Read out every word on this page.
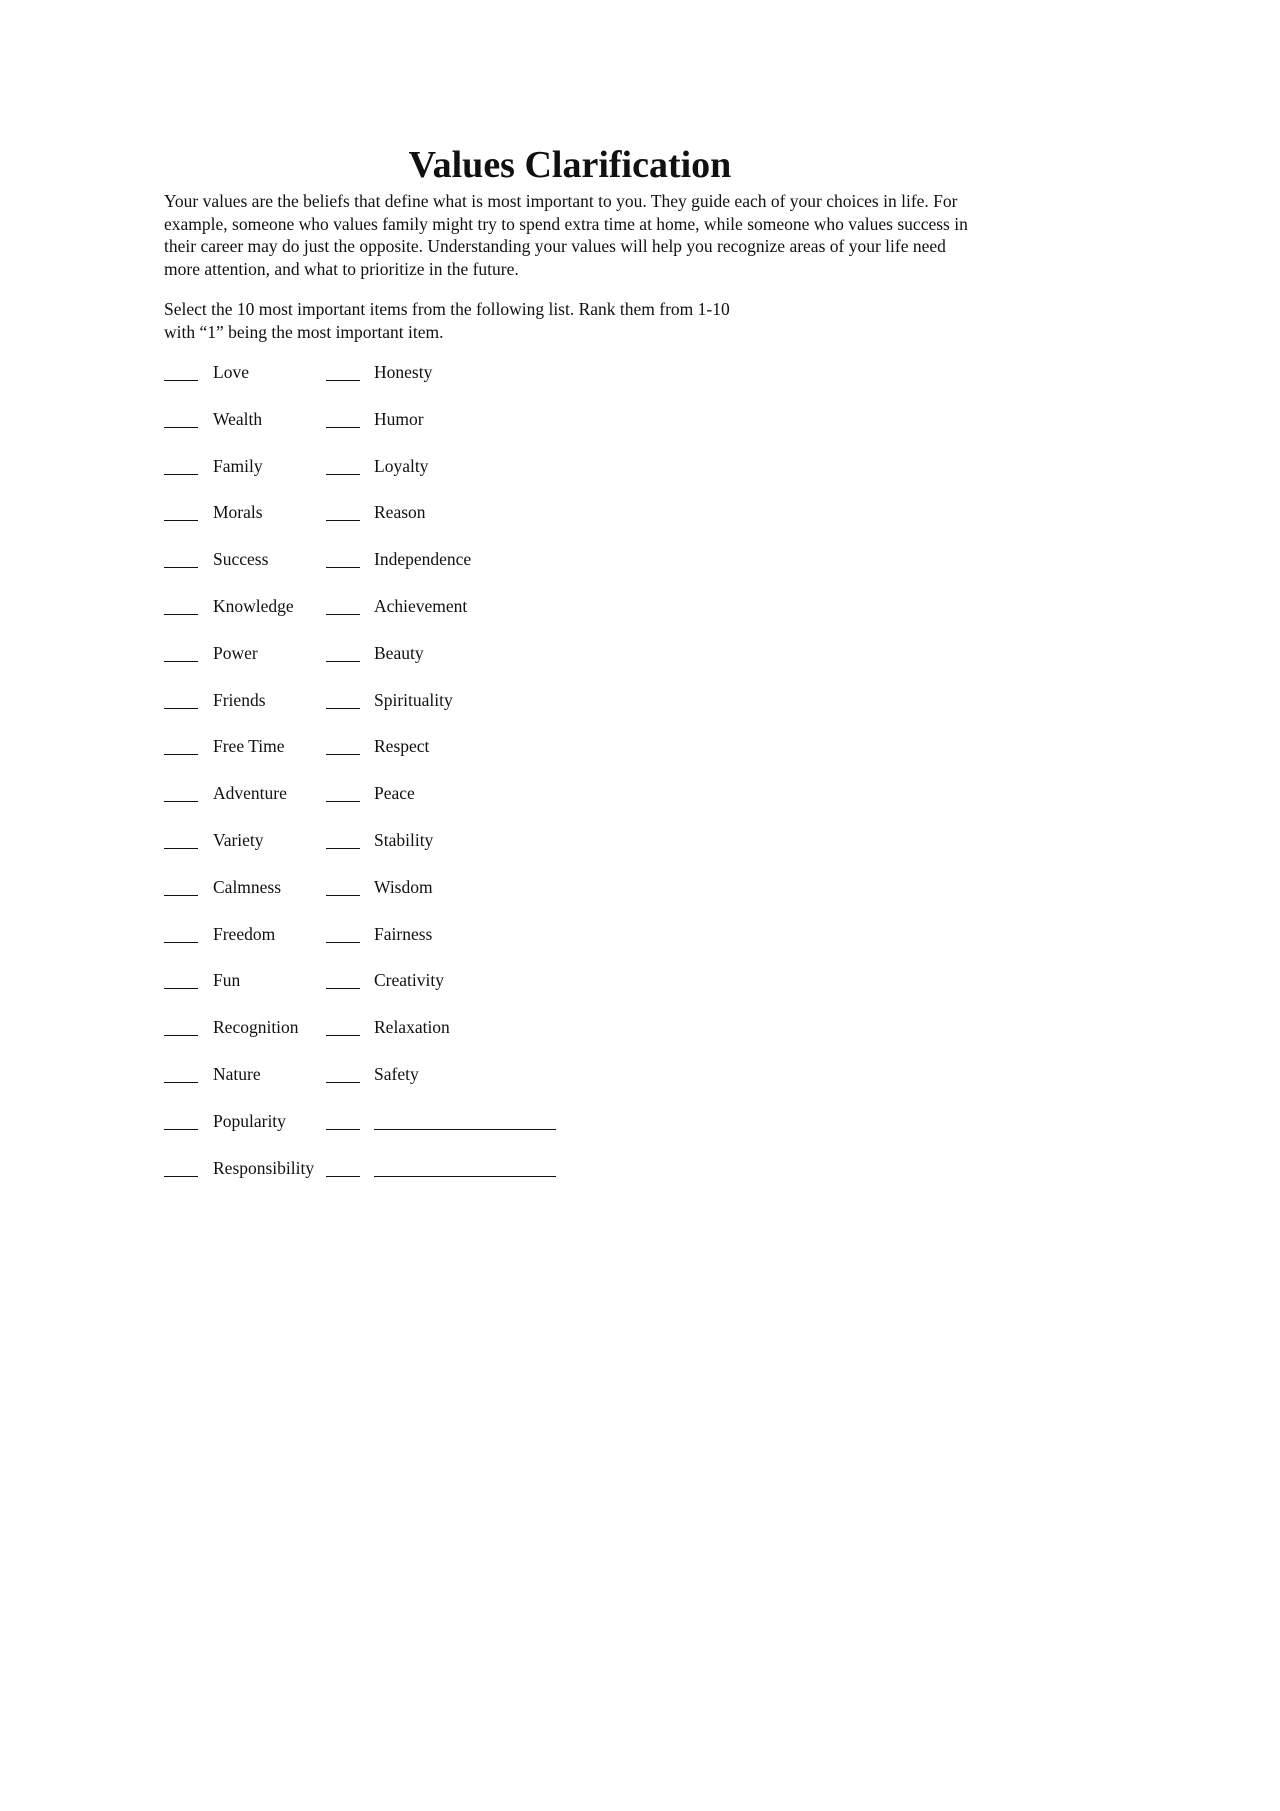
Values Clarification

Your values are the beliefs that define what is most important to you. They guide each of your choices in life. For example, someone who values family might try to spend extra time at home, while someone who values success in their career may do just the opposite. Understanding your values will help you recognize areas of your life need more attention, and what to prioritize in the future.

Select the 10 most important items from the following list. Rank them from 1-10
with “1” being the most important item.

Love	Honesty
Wealth	Humor
Family	Loyalty
Morals	Reason
Success	Independence
Knowledge	Achievement
Power	Beauty
Friends	Spirituality
Free Time	Respect
Adventure	Peace
Variety	Stability
Calmness	Wisdom
Freedom	Fairness
Fun	Creativity
Recognition	Relaxation
Nature	Safety
Popularity
Responsibility
